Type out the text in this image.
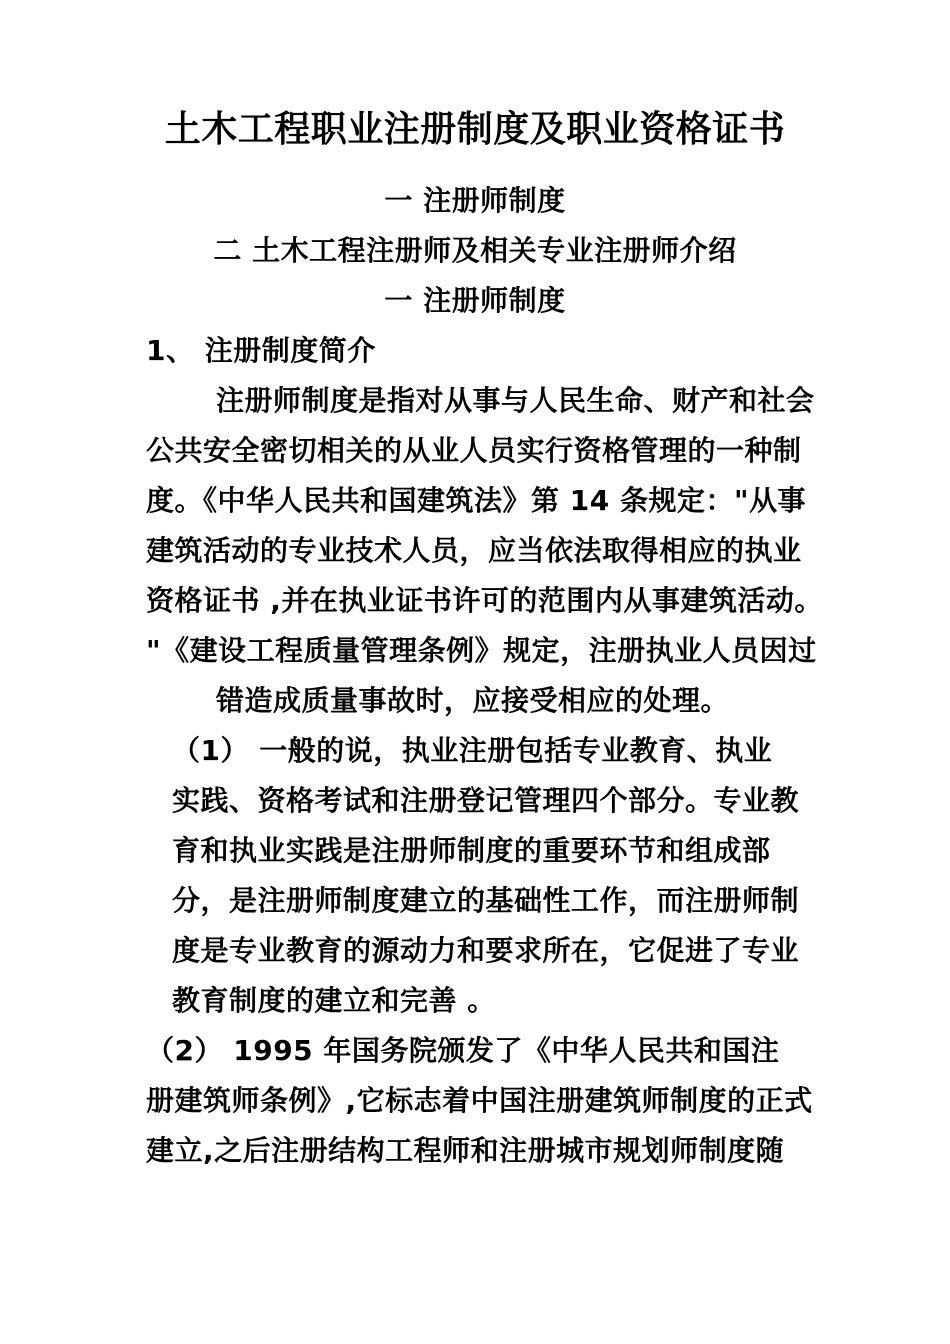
土木工程职业注册制度及职业资格证书
一 注册师制度
二 土木工程注册师及相关专业注册师介绍
一 注册师制度
1、 注册制度简介
注册师制度是指对从事与人民生命、财产和社会
公共安全密切相关的从业人员实行资格管理的一种制
度。《中华人民共和国建筑法》第 14 条规定："从事
建筑活动的专业技术人员，应当依法取得相应的执业
资格证书 ,并在执业证书许可的范围内从事建筑活动。
"《建设工程质量管理条例》规定，注册执业人员因过
错造成质量事故时，应接受相应的处理。
（1） 一般的说，执业注册包括专业教育、执业
实践、资格考试和注册登记管理四个部分。专业教
育和执业实践是注册师制度的重要环节和组成部
分，是注册师制度建立的基础性工作，而注册师制
度是专业教育的源动力和要求所在，它促进了专业
教育制度的建立和完善 。
（2） 1995 年国务院颁发了《中华人民共和国注
册建筑师条例》,它标志着中国注册建筑师制度的正式
建立,之后注册结构工程师和注册城市规划师制度随
